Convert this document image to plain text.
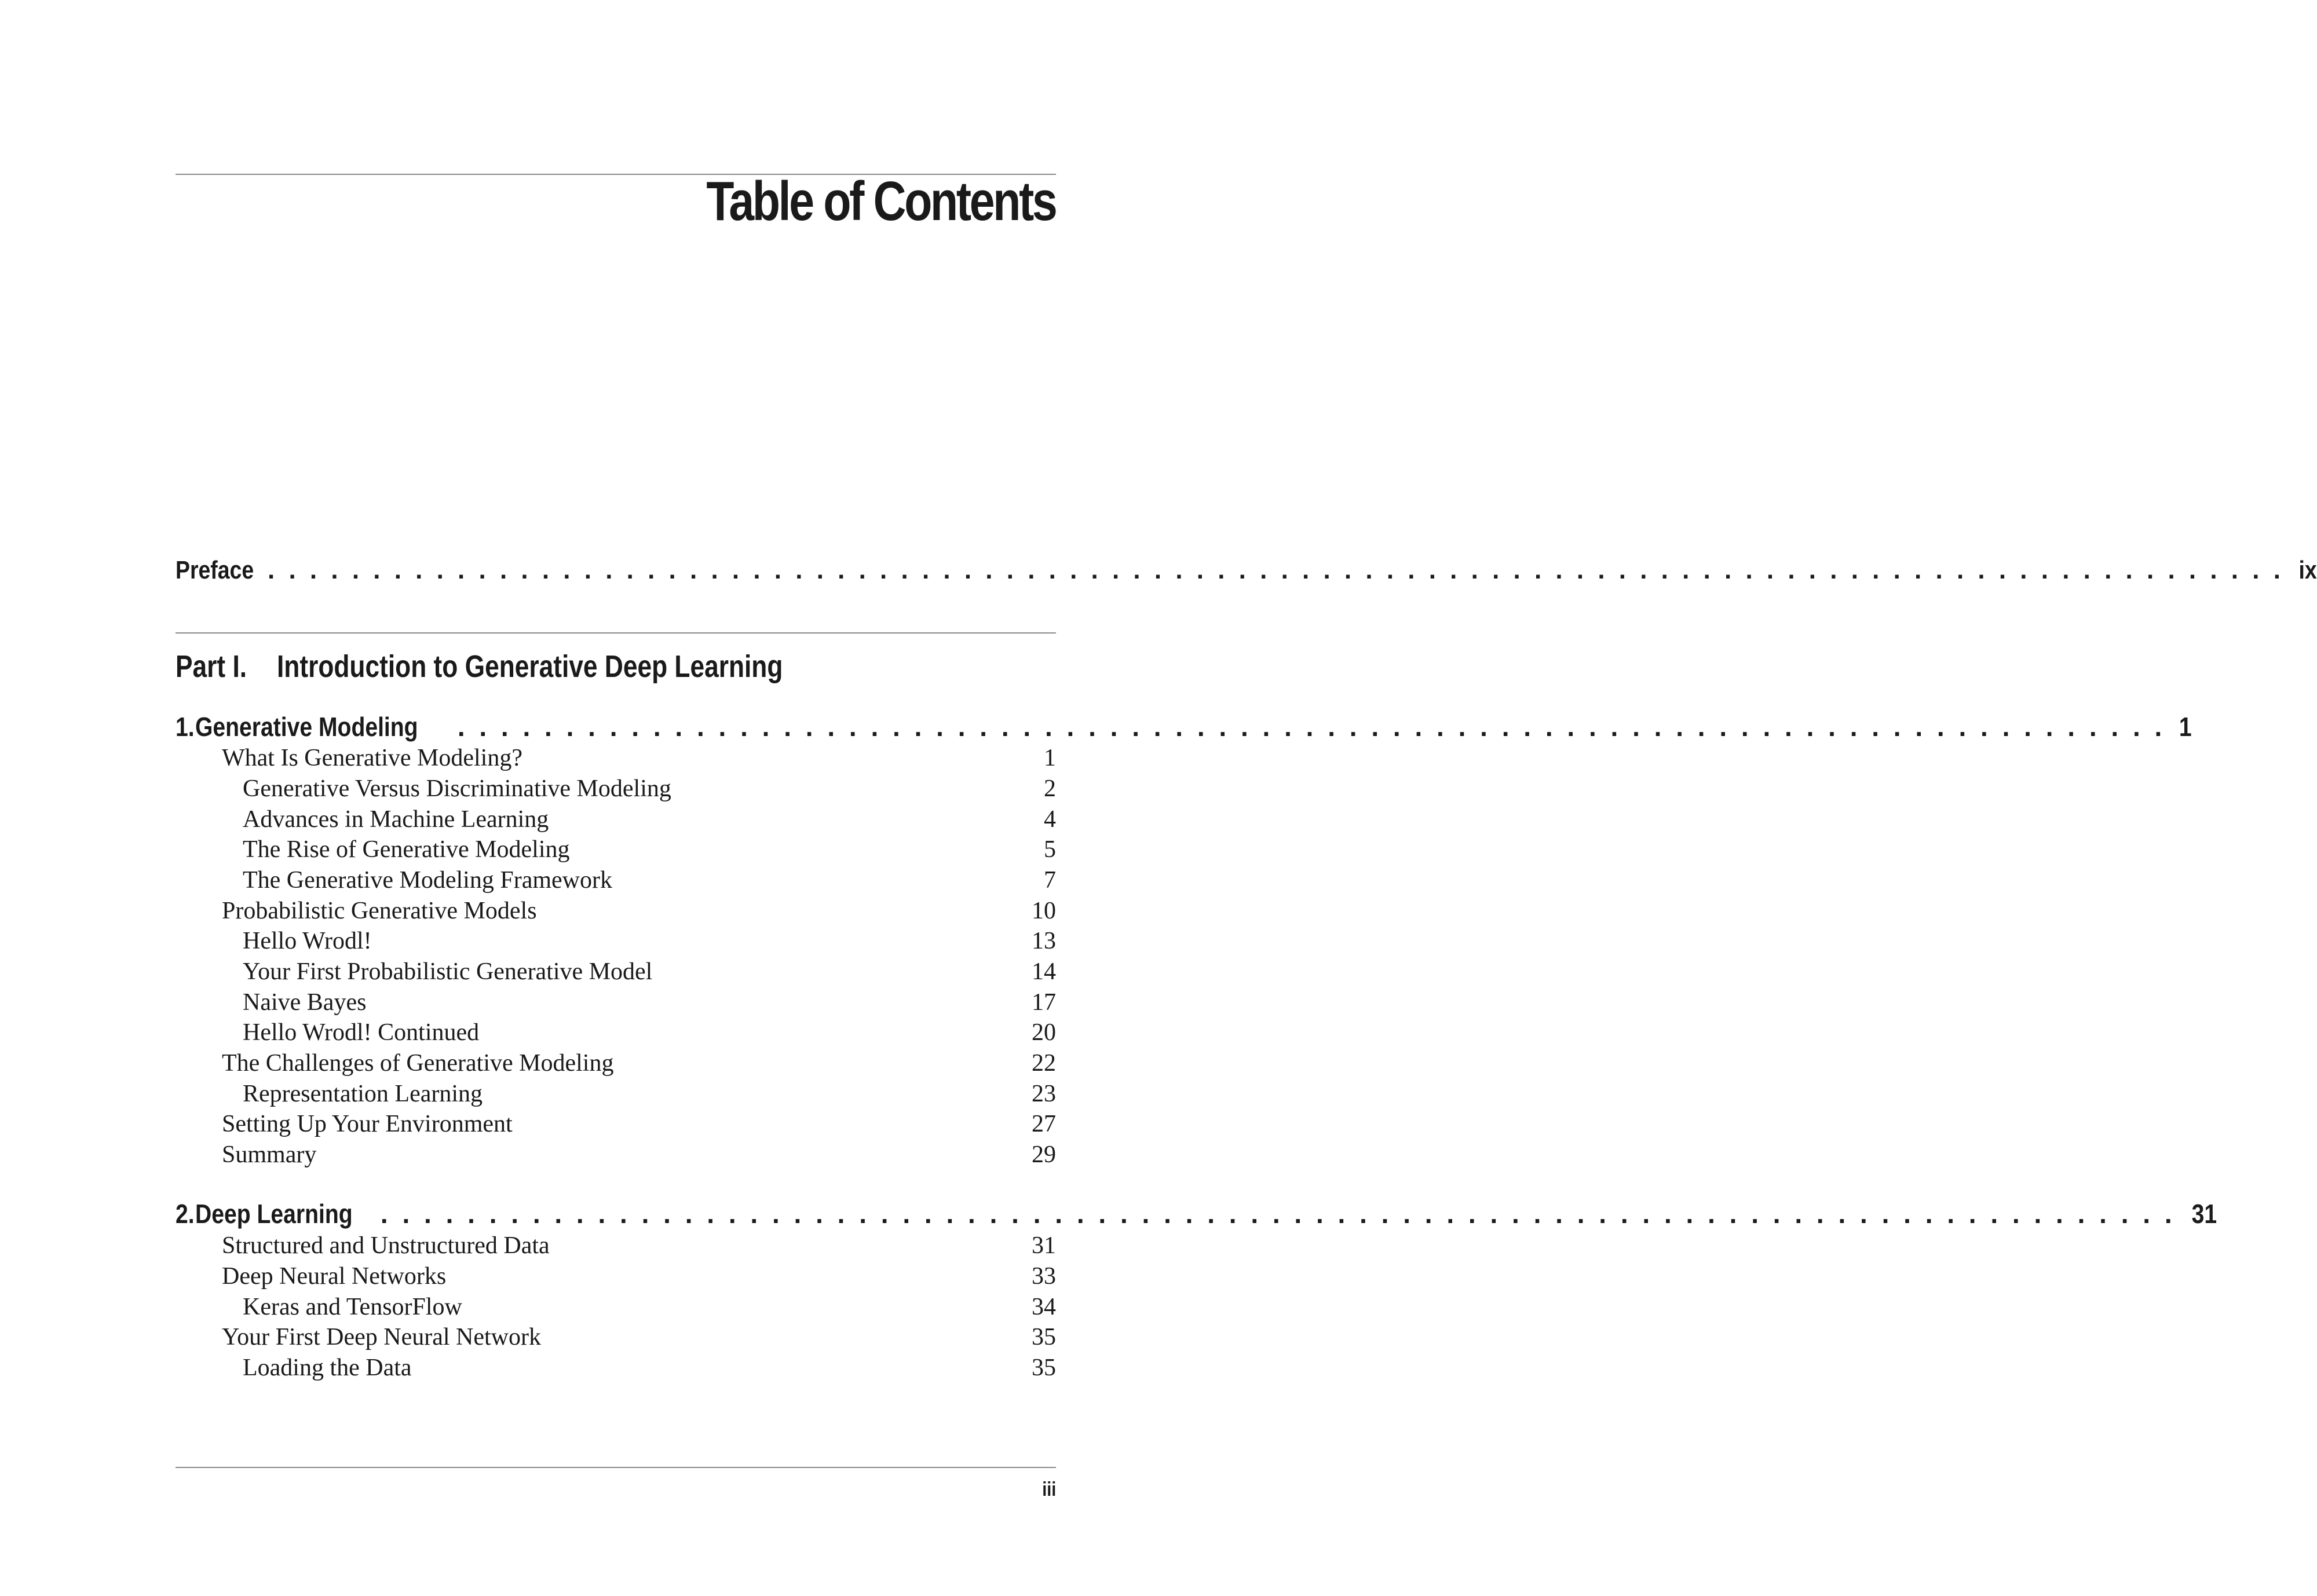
Table of Contents
Preface . . . . . . . . . . . . . . . . . . . . . . . . . . . . . . . . . . . . . . . . . . . . . . . . . . . . . . . . . . . . . . . . . . . . . . . . . . . . . . . . . . . . . . . . . . . . . . . . ix
Part I. Introduction to Generative Deep Learning
1. Generative Modeling . . . . . . . . . . . . . . . . . . . . . . . . . . . . . . . . . . . . . . . . . . . . . . . . . . . . . . . . . . . . . . . . . . . . . . . . . . . . . . . 1
What Is Generative Modeling?	1
Generative Versus Discriminative Modeling	2
Advances in Machine Learning	4
The Rise of Generative Modeling	5
The Generative Modeling Framework	7
Probabilistic Generative Models	10
Hello Wrodl!	13
Your First Probabilistic Generative Model	14
Naive Bayes	17
Hello Wrodl! Continued	20
The Challenges of Generative Modeling	22
Representation Learning	23
Setting Up Your Environment	27
Summary	29
2. Deep Learning . . . . . . . . . . . . . . . . . . . . . . . . . . . . . . . . . . . . . . . . . . . . . . . . . . . . . . . . . . . . . . . . . . . . . . . . . . . . . . . . . . . 31
Structured and Unstructured Data	31
Deep Neural Networks	33
Keras and TensorFlow	34
Your First Deep Neural Network	35
Loading the Data	35
iii
